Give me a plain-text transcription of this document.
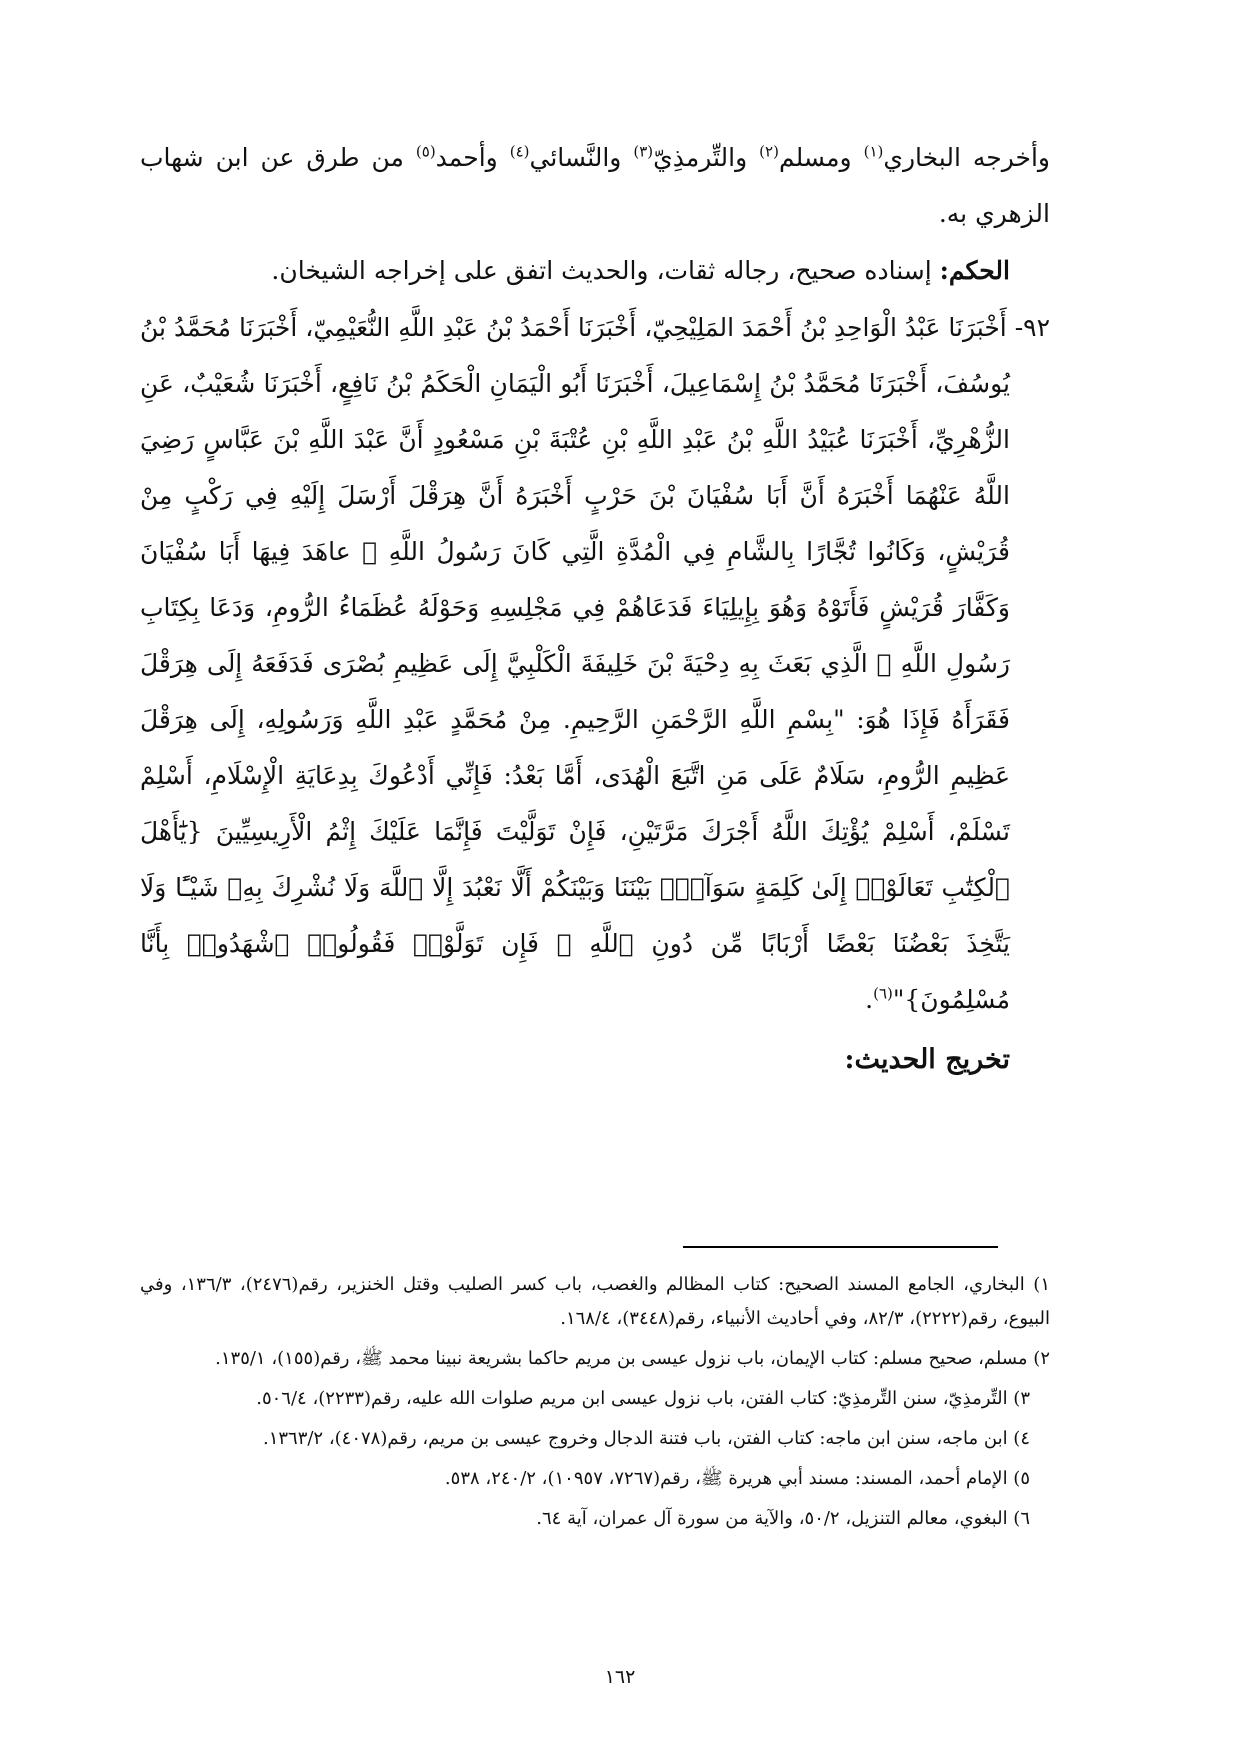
وأخرجه البخاري$^{(١)}$ ومسلم$^{(٢)}$ والتِّرمذِيّ$^{(٣)}$ والنَّسائي$^{(٤)}$ وأحمد$^{(٥)}$ من طرق عن ابن شهاب الزهري به.

الحكم: إسناده صحيح، رجاله ثقات، والحديث اتفق على إخراجه الشيخان.

٩٢- أَخْبَرَنَا عَبْدُ الْوَاحِدِ بْنُ أَحْمَدَ المَلِيْحِيّ، أَخْبَرَنَا أَحْمَدُ بْنُ عَبْدِ اللَّهِ النُّعَيْمِيّ، أَخْبَرَنَا مُحَمَّدُ بْنُ يُوسُفَ، أَخْبَرَنَا مُحَمَّدُ بْنُ إِسْمَاعِيلَ، أَخْبَرَنَا أَبُو الْيَمَانِ الْحَكَمُ بْنُ نَافِعٍ، أَخْبَرَنَا شُعَيْبٌ، عَنِ الزُّهْرِيِّ، أَخْبَرَنَا عُبَيْدُ اللَّهِ بْنُ عَبْدِ اللَّهِ بْنِ عُتْبَةَ بْنِ مَسْعُودٍ أَنَّ عَبْدَ اللَّهِ بْنَ عَبَّاسٍ رَضِيَ اللَّهُ عَنْهُمَا أَخْبَرَهُ أَنَّ أَبَا سُفْيَانَ بْنَ حَرْبٍ أَخْبَرَهُ أَنَّ هِرَقْلَ أَرْسَلَ إِلَيْهِ فِي رَكْبٍ مِنْ قُرَيْشٍ، وَكَانُوا تُجَّارًا بِالشَّامِ فِي الْمُدَّةِ الَّتِي كَانَ رَسُولُ اللَّهِ ﷺ عاهَدَ فِيهَا أَبَا سُفْيَانَ وَكَفَّارَ قُرَيْشٍ فَأَتَوْهُ وَهُوَ بِإِيلِيَاءَ فَدَعَاهُمْ فِي مَجْلِسِهِ وَحَوْلَهُ عُظَمَاءُ الرُّومِ، وَدَعَا بِكِتَابِ رَسُولِ اللَّهِ ﷺ الَّذِي بَعَثَ بِهِ دِحْيَةَ بْنَ خَلِيفَةَ الْكَلْبِيَّ إِلَى عَظِيمِ بُصْرَى فَدَفَعَهُ إِلَى هِرَقْلَ فَقَرَأَهُ فَإِذَا هُوَ: "بِسْمِ اللَّهِ الرَّحْمَنِ الرَّحِيمِ. مِنْ مُحَمَّدٍ عَبْدِ اللَّهِ وَرَسُولِهِ، إِلَى هِرَقْلَ عَظِيمِ الرُّومِ، سَلَامٌ عَلَى مَنِ اتَّبَعَ الْهُدَى، أَمَّا بَعْدُ: فَإِنِّي أَدْعُوكَ بِدِعَايَةِ الْإِسْلَامِ، أَسْلِمْ تَسْلَمْ، أَسْلِمْ يُؤْتِكَ اللَّهُ أَجْرَكَ مَرَّتَيْنِ، فَإِنْ تَوَلَّيْتَ فَإِنَّمَا عَلَيْكَ إِثْمُ الْأَرِيسِيِّينَ {يَٰٓأَهْلَ ٱلْكِتَٰبِ تَعَالَوْا۟ إِلَىٰ كَلِمَةٍ سَوَآءٍۭ بَيْنَنَا وَبَيْنَكُمْ أَلَّا نَعْبُدَ إِلَّا ٱللَّهَ وَلَا نُشْرِكَ بِهِۦ شَيْـًٔا وَلَا يَتَّخِذَ بَعْضُنَا بَعْضًا أَرْبَابًا مِّن دُونِ ٱللَّهِ ۚ فَإِن تَوَلَّوْا۟ فَقُولُوا۟ ٱشْهَدُوا۟ بِأَنَّا مُسْلِمُونَ}"$^{(٦)}$.

تخريج الحديث:

١) البخاري، الجامع المسند الصحيح: كتاب المظالم والغصب، باب كسر الصليب وقتل الخنزير، رقم(٢٤٧٦)، ١٣٦/٣، وفي البيوع، رقم(٢٢٢٢)، ٨٢/٣، وفي أحاديث الأنبياء، رقم(٣٤٤٨)، ١٦٨/٤.

٢) مسلم، صحيح مسلم: كتاب الإيمان، باب نزول عيسى بن مريم حاكما بشريعة نبينا محمد ﷺ، رقم(١٥٥)، ١٣٥/١.

٣) التِّرمذِيّ، سنن التِّرمذِيّ: كتاب الفتن، باب نزول عيسى ابن مريم صلوات الله عليه، رقم(٢٢٣٣)، ٥٠٦/٤.

٤) ابن ماجه، سنن ابن ماجه: كتاب الفتن، باب فتنة الدجال وخروج عيسى بن مريم، رقم(٤٠٧٨)، ١٣٦٣/٢.

٥) الإمام أحمد، المسند: مسند أبي هريرة ﷺ، رقم(٧٢٦٧، ١٠٩٥٧)، ٢٤٠/٢، ٥٣٨.

٦) البغوي، معالم التنزيل، ٥٠/٢، والآية من سورة آل عمران، آية ٦٤.

١٦٢
